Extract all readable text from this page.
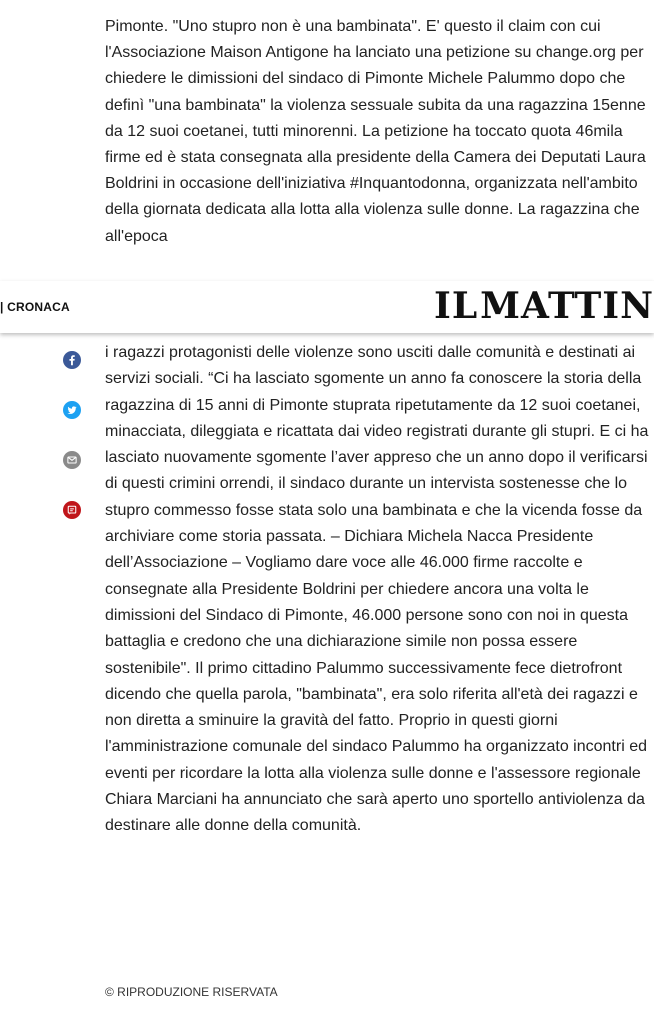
Pimonte. "Uno stupro non è una bambinata". E' questo il claim con cui l'Associazione Maison Antigone ha lanciato una petizione su change.org per chiedere le dimissioni del sindaco di Pimonte Michele Palummo dopo che definì "una bambinata" la violenza sessuale subita da una ragazzina 15enne da 12 suoi coetanei, tutti minorenni. La petizione ha toccato quota 46mila firme ed è stata consegnata alla presidente della Camera dei Deputati Laura Boldrini in occasione dell'iniziativa #Inquantodonna, organizzata nell'ambito della giornata dedicata alla lotta alla violenza sulle donne. La ragazzina che all'epoca
| CRONACA	IL MATTIN
i ragazzi protagonisti delle violenze sono usciti dalle comunità e destinati ai servizi sociali. “Ci ha lasciato sgomente un anno fa conoscere la storia della ragazzina di 15 anni di Pimonte stuprata ripetutamente da 12 suoi coetanei, minacciata, dileggiata e ricattata dai video registrati durante gli stupri. E ci ha lasciato nuovamente sgomente l’aver appreso che un anno dopo il verificarsi di questi crimini orrendi, il sindaco durante un intervista sostenesse che lo stupro commesso fosse stata solo una bambinata e che la vicenda fosse da archiviare come storia passata. – Dichiara Michela Nacca Presidente dell’Associazione – Vogliamo dare voce alle 46.000 firme raccolte e consegnate alla Presidente Boldrini per chiedere ancora una volta le dimissioni del Sindaco di Pimonte, 46.000 persone sono con noi in questa battaglia e credono che una dichiarazione simile non possa essere sostenibile". Il primo cittadino Palummo successivamente fece dietrofront dicendo che quella parola, "bambinata", era solo riferita all'età dei ragazzi e non diretta a sminuire la gravità del fatto. Proprio in questi giorni l'amministrazione comunale del sindaco Palummo ha organizzato incontri ed eventi per ricordare la lotta alla violenza sulle donne e l'assessore regionale Chiara Marciani ha annunciato che sarà aperto uno sportello antiviolenza da destinare alle donne della comunità.
© RIPRODUZIONE RISERVATA
